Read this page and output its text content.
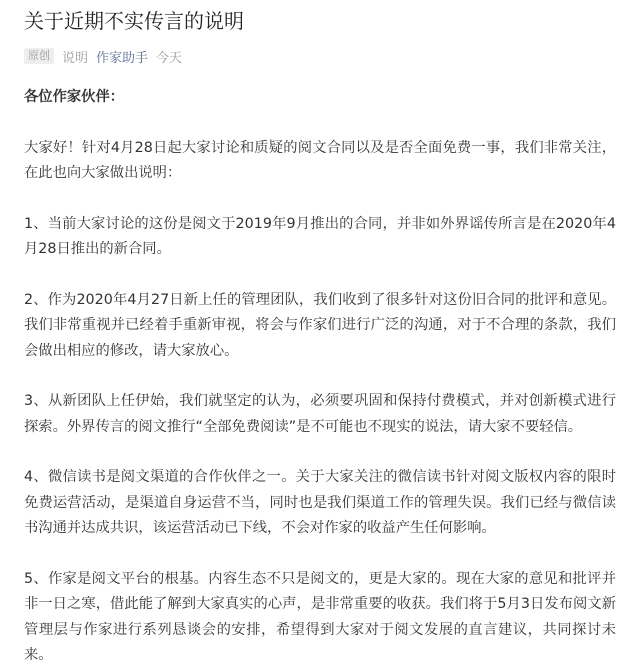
关于近期不实传言的说明
原创 说明 作家助手 今天

各位作家伙伴：

大家好！针对4月28日起大家讨论和质疑的阅文合同以及是否全面免费一事，我们非常关注，在此也向大家做出说明：

1、当前大家讨论的这份是阅文于2019年9月推出的合同，并非如外界谣传所言是在2020年4月28日推出的新合同。

2、作为2020年4月27日新上任的管理团队，我们收到了很多针对这份旧合同的批评和意见。我们非常重视并已经着手重新审视，将会与作家们进行广泛的沟通，对于不合理的条款，我们会做出相应的修改，请大家放心。

3、从新团队上任伊始，我们就坚定的认为，必须要巩固和保持付费模式，并对创新模式进行探索。外界传言的阅文推行“全部免费阅读”是不可能也不现实的说法，请大家不要轻信。

4、微信读书是阅文渠道的合作伙伴之一。关于大家关注的微信读书针对阅文版权内容的限时免费运营活动，是渠道自身运营不当，同时也是我们渠道工作的管理失误。我们已经与微信读书沟通并达成共识，该运营活动已下线，不会对作家的收益产生任何影响。

5、作家是阅文平台的根基。内容生态不只是阅文的，更是大家的。现在大家的意见和批评并非一日之寒，借此能了解到大家真实的心声，是非常重要的收获。我们将于5月3日发布阅文新管理层与作家进行系列恳谈会的安排，希望得到大家对于阅文发展的直言建议，共同探讨未来。
